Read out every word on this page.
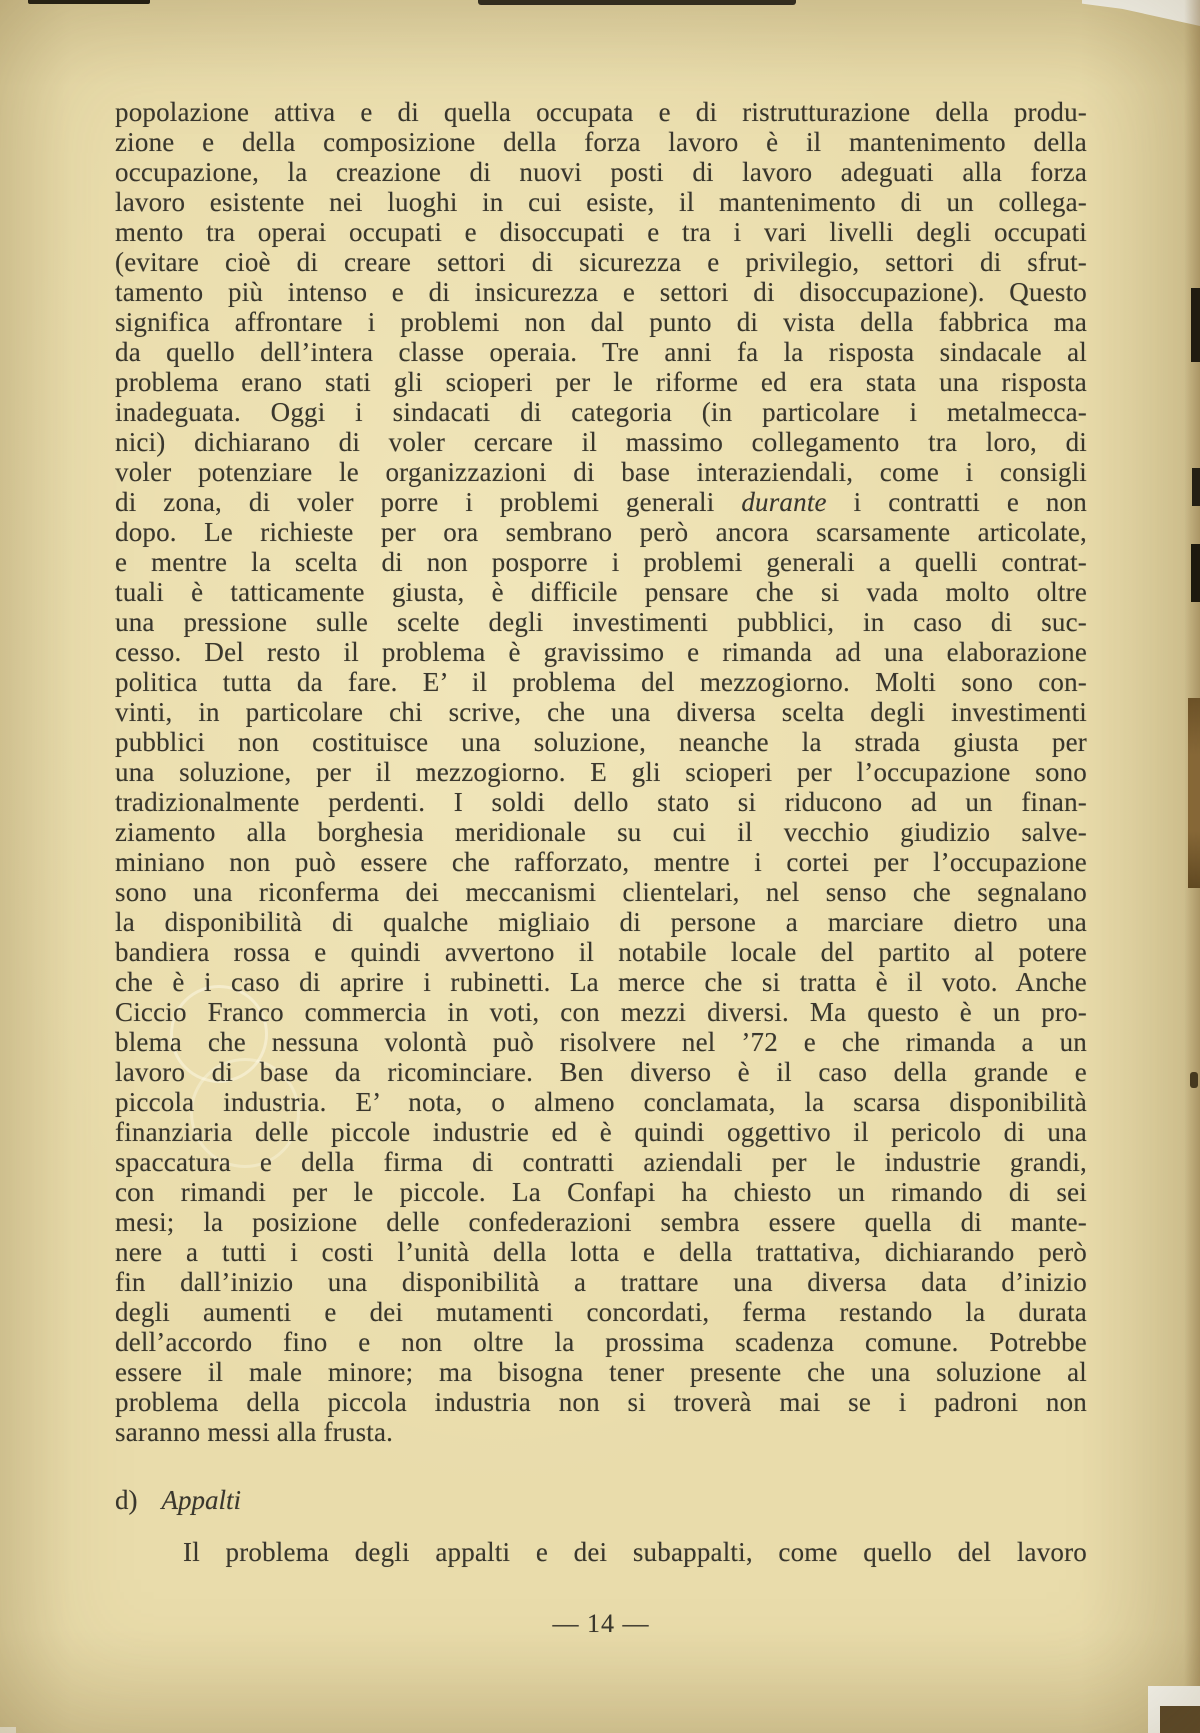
popolazione attiva e di quella occupata e di ristrutturazione della produ-
zione e della composizione della forza lavoro è il mantenimento della
occupazione, la creazione di nuovi posti di lavoro adeguati alla forza
lavoro esistente nei luoghi in cui esiste, il mantenimento di un collega-
mento tra operai occupati e disoccupati e tra i vari livelli degli occupati
(evitare cioè di creare settori di sicurezza e privilegio, settori di sfrut-
tamento più intenso e di insicurezza e settori di disoccupazione). Questo
significa affrontare i problemi non dal punto di vista della fabbrica ma
da quello dell’intera classe operaia. Tre anni fa la risposta sindacale al
problema erano stati gli scioperi per le riforme ed era stata una risposta
inadeguata. Oggi i sindacati di categoria (in particolare i metalmecca-
nici) dichiarano di voler cercare il massimo collegamento tra loro, di
voler potenziare le organizzazioni di base interaziendali, come i consigli
di zona, di voler porre i problemi generali durante i contratti e non
dopo. Le richieste per ora sembrano però ancora scarsamente articolate,
e mentre la scelta di non posporre i problemi generali a quelli contrat-
tuali è tatticamente giusta, è difficile pensare che si vada molto oltre
una pressione sulle scelte degli investimenti pubblici, in caso di suc-
cesso. Del resto il problema è gravissimo e rimanda ad una elaborazione
politica tutta da fare. E’ il problema del mezzogiorno. Molti sono con-
vinti, in particolare chi scrive, che una diversa scelta degli investimenti
pubblici non costituisce una soluzione, neanche la strada giusta per
una soluzione, per il mezzogiorno. E gli scioperi per l’occupazione sono
tradizionalmente perdenti. I soldi dello stato si riducono ad un finan-
ziamento alla borghesia meridionale su cui il vecchio giudizio salve-
miniano non può essere che rafforzato, mentre i cortei per l’occupazione
sono una riconferma dei meccanismi clientelari, nel senso che segnalano
la disponibilità di qualche migliaio di persone a marciare dietro una
bandiera rossa e quindi avvertono il notabile locale del partito al potere
che è i caso di aprire i rubinetti. La merce che si tratta è il voto. Anche
Ciccio Franco commercia in voti, con mezzi diversi. Ma questo è un pro-
blema che nessuna volontà può risolvere nel ’72 e che rimanda a un
lavoro di base da ricominciare. Ben diverso è il caso della grande e
piccola industria. E’ nota, o almeno conclamata, la scarsa disponibilità
finanziaria delle piccole industrie ed è quindi oggettivo il pericolo di una
spaccatura e della firma di contratti aziendali per le industrie grandi,
con rimandi per le piccole. La Confapi ha chiesto un rimando di sei
mesi; la posizione delle confederazioni sembra essere quella di mante-
nere a tutti i costi l’unità della lotta e della trattativa, dichiarando però
fin dall’inizio una disponibilità a trattare una diversa data d’inizio
degli aumenti e dei mutamenti concordati, ferma restando la durata
dell’accordo fino e non oltre la prossima scadenza comune. Potrebbe
essere il male minore; ma bisogna tener presente che una soluzione al
problema della piccola industria non si troverà mai se i padroni non
saranno messi alla frusta.
d) Appalti
Il problema degli appalti e dei subappalti, come quello del lavoro
— 14 —
